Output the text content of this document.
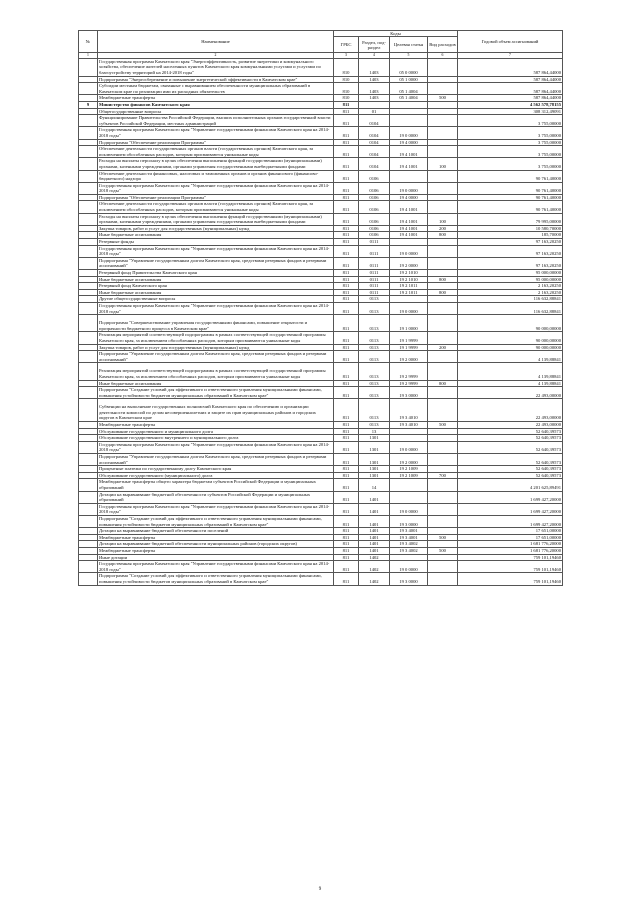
№	Наименование	Коды				Годовой объем ассигнований
		ГРБС	Раздел, под-раздел	Целевая статья	Вид расходов	
1	2	3	4	5	6	7
	Государственная программа Камчатского края "Энергоэффективность, развитие энергетики и коммунального хозяйства, обеспечение жителей населенных пунктов Камчатского края коммунальными услугами и услугами по благоустройству территорий на 2014-2018 годы"	810	1403	05 0 0000		587 864,44000
	Подпрограмма "Энергосбережение и повышение энергетической эффективности в Камчатском крае"	810	1403	05 1 0000		587 864,44000
	Субсидии местным бюджетам, связанные с выравниванием обеспеченности муниципальных образований в Камчатском крае по реализации ими их расходных обязательств	810	1403	05 1 4004		587 864,44000
	Межбюджетные трансферты	810	1403	05 1 4004	500	587 864,44000
9	Министерство финансов Камчатского края	811				4 562 578,78155
	Общегосударственные вопросы	811	01			308 312,49091
	Функционирование Правительства Российской Федерации, высших исполнительных органов государственной власти субъектов Российской Федерации, местных администраций	811	0104			3 755,00000
	Государственная программа Камчатского края "Управление государственными финансами Камчатского края на 2014-2018 годы"	811	0104	19 0 0000		3 755,00000
	Подпрограмма "Обеспечение реализации Программы"	811	0104	19 4 0000		3 755,00000
	Обеспечение деятельности государственных органов власти (государственных органов) Камчатского края, за исключением обособленных расходов, которым присваиваются уникальные коды	811	0104	19 4 1001		3 755,00000
	Расходы на выплаты персоналу в целях обеспечения выполнения функций государственными (муниципальными) органами, казенными учреждениями, органами управления государственными внебюджетными фондами	811	0104	19 4 1001	100	3 755,00000
	Обеспечение деятельности финансовых, налоговых и таможенных органов и органов финансового (финансово-бюджетного) надзора	811	0106			90 761,40000
	Государственная программа Камчатского края "Управление государственными финансами Камчатского края на 2014-2018 годы"	811	0106	19 0 0000		90 761,40000
	Подпрограмма "Обеспечение реализации Программы"	811	0106	19 4 0000		90 761,40000
	Обеспечение деятельности государственных органов власти (государственных органов) Камчатского края, за исключением обособленных расходов, которым присваиваются уникальные коды	811	0106	19 4 1001		90 761,40000
	Расходы на выплаты персоналу в целях обеспечения выполнения функций государственными (муниципальными) органами, казенными учреждениями, органами управления государственными внебюджетными фондами	811	0106	19 4 1001	100	79 995,00000
	Закупка товаров, работ и услуг для государственных (муниципальных) нужд	811	0106	19 4 1001	200	10 580,70000
	Иные бюджетные ассигнования	811	0106	19 4 1001	800	185,70000
	Резервные фонды	811	0111			97 163,20250
	Государственная программа Камчатского края "Управление государственными финансами Камчатского края на 2014-2018 годы"	811	0111	19 0 0000		97 163,20250
	Подпрограмма "Управление государственным долгом Камчатского края, средствами резервных фондов и резервами ассигнований"	811	0111	19 2 0000		97 163,20250
	Резервный фонд Правительства Камчатского края	811	0111	19 2 1010		95 000,00000
	Иные бюджетные ассигнования	811	0111	19 2 1010	800	95 000,00000
	Резервный фонд Камчатского края	811	0111	19 2 1011		2 163,20250
	Иные бюджетные ассигнования	811	0111	19 2 1011	800	2 163,20250
	Другие общегосударственные вопросы	811	0113			116 632,88841
	Государственная программа Камчатского края "Управление государственными финансами Камчатского края на 2014-2018 годы"	811	0113	19 0 0000		116 632,88841
	Подпрограмма "Совершенствование управления государственными финансами, повышение открытости и прозрачности бюджетного процесса в Камчатском крае"	811	0113	19 1 0000		90 000,00000
	Реализация мероприятий соответствующей подпрограммы в рамках соответствующей государственной программы Камчатского края, за исключением обособленных расходов, которым присваиваются уникальные коды	811	0113	19 1 9999		90 000,00000
	Закупка товаров, работ и услуг для государственных (муниципальных) нужд	811	0113	19 1 9999	200	90 000,00000
	Подпрограмма "Управление государственным долгом Камчатского края, средствами резервных фондов и резервами ассигнований"	811	0113	19 2 0000		4 139,88841
	Реализация мероприятий соответствующей подпрограммы в рамках соответствующей государственной программы Камчатского края, за исключением обособленных расходов, которым присваиваются уникальные коды	811	0113	19 2 9999		4 139,88841
	Иные бюджетные ассигнования	811	0113	19 2 9999	800	4 139,88841
	Подпрограмма "Создание условий для эффективного и ответственного управления муниципальными финансами, повышения устойчивости бюджетов муниципальных образований в Камчатском крае"	811	0113	19 3 0000		22 493,00000
	Субвенции на выполнение государственных полномочий Камчатского края по обеспечению и организации деятельности комиссий по делам несовершеннолетних и защите их прав муниципальных районов и городских округов в Камчатском крае	811	0113	19 3 4010		22 493,00000
	Межбюджетные трансферты	811	0113	19 3 4010	500	22 493,00000
	Обслуживание государственного и муниципального долга	811	13			52 640,39573
	Обслуживание государственного внутреннего и муниципального долга	811	1301			52 640,39573
	Государственная программа Камчатского края "Управление государственными финансами Камчатского края на 2014-2018 годы"	811	1301	19 0 0000		52 640,39573
	Подпрограмма "Управление государственным долгом Камчатского края, средствами резервных фондов и резервами ассигнований"	811	1301	19 2 0000		52 640,39573
	Процентные платежи по государственному долгу Камчатского края	811	1301	19 2 1009		52 640,39573
	Обслуживание государственного (муниципального) долга	811	1301	19 2 1009	700	52 640,39573
	Межбюджетные трансферты общего характера бюджетам субъектов Российской Федерации и муниципальных образований	811	14			4 201 625,89491
	Дотации на выравнивание бюджетной обеспеченности субъектов Российской Федерации и муниципальных образований	811	1401			1 699 427,20000
	Государственная программа Камчатского края "Управление государственными финансами Камчатского края на 2014-2018 годы"	811	1401	19 0 0000		1 699 427,20000
	Подпрограмма "Создание условий для эффективного и ответственного управления муниципальными финансами, повышения устойчивости бюджетов муниципальных образований в Камчатском крае"	811	1401	19 3 0000		1 699 427,20000
	Дотации на выравнивание бюджетной обеспеченности поселений	811	1401	19 3 4001		17 651,00000
	Межбюджетные трансферты	811	1401	19 3 4001	500	17 651,00000
	Дотации на выравнивание бюджетной обеспеченности муниципальных районов (городских округов)	811	1401	19 3 4002		1 681 776,20000
	Межбюджетные трансферты	811	1401	19 3 4002	500	1 681 776,20000
	Иные дотации	811	1402			759 101,19460
	Государственная программа Камчатского края "Управление государственными финансами Камчатского края на 2014-2018 годы"	811	1402	19 0 0000		759 101,19460
	Подпрограмма "Создание условий для эффективного и ответственного управления муниципальными финансами, повышения устойчивости бюджетов муниципальных образований в Камчатском крае"	811	1402	19 3 0000		759 101,19460
9
